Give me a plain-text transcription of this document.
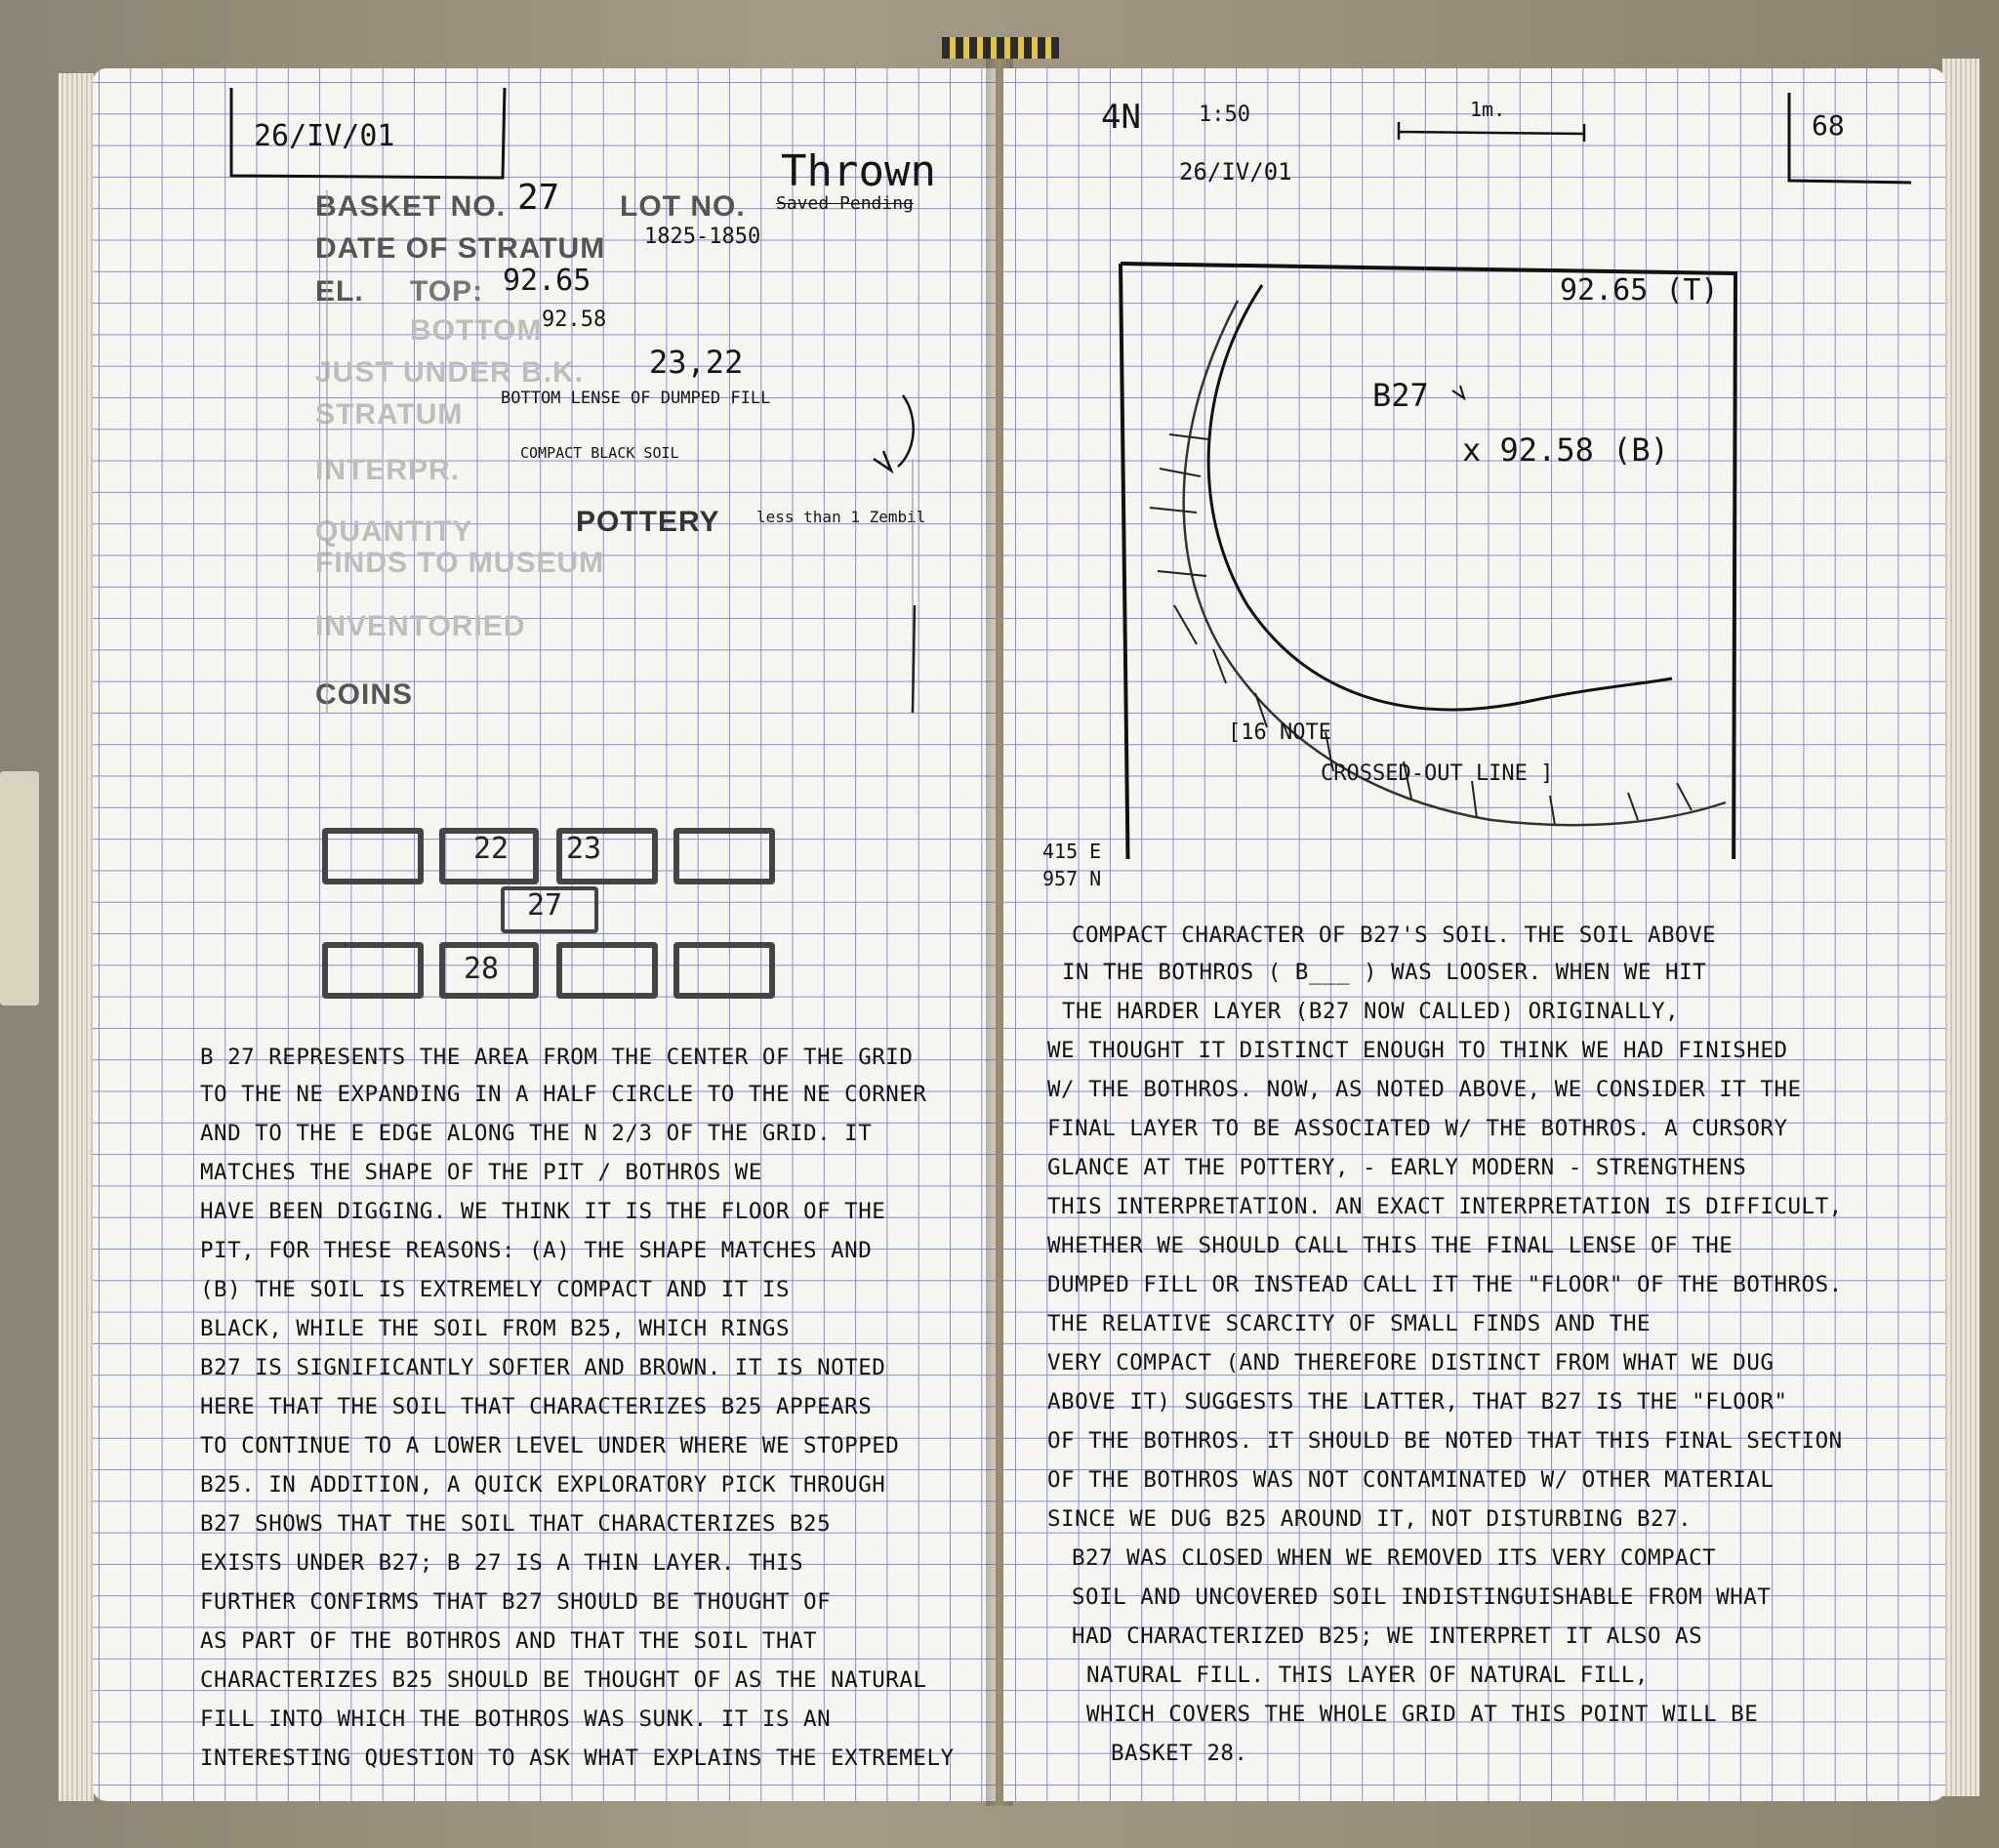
26/IV/01
BASKET NO. 27 LOT NO.
Thrown
Saved Pending
DATE OF STRATUM 1825-1850
EL. TOP: 92.65
BOTTOM 92.58
JUST UNDER B.K. 23,22
STRATUM BOTTOM LENSE OF DUMPED FILL
INTERPR.
COMPACT BLACK SOIL
QUANTITY	POTTERY less than 1 Zembil
FINDS TO MUSEUM
INVENTORIED
COINS
22 23
27
28
B 27 REPRESENTS THE AREA FROM THE CENTER OF THE GRID
TO THE NE EXPANDING IN A HALF CIRCLE TO THE NE CORNER
AND TO THE E EDGE ALONG THE N 2/3 OF THE GRID. IT
MATCHES THE SHAPE OF THE PIT / BOTHROS WE
HAVE BEEN DIGGING. WE THINK IT IS THE FLOOR OF THE
PIT, FOR THESE REASONS: (A) THE SHAPE MATCHES AND
(B) THE SOIL IS EXTREMELY COMPACT AND IT IS
BLACK, WHILE THE SOIL FROM B25, WHICH RINGS
B27 IS SIGNIFICANTLY SOFTER AND BROWN. IT IS NOTED
HERE THAT THE SOIL THAT CHARACTERIZES B25 APPEARS
TO CONTINUE TO A LOWER LEVEL UNDER WHERE WE STOPPED
B25. IN ADDITION, A QUICK EXPLORATORY PICK THROUGH
B27 SHOWS THAT THE SOIL THAT CHARACTERIZES B25
EXISTS UNDER B27; B 27 IS A THIN LAYER. THIS
FURTHER CONFIRMS THAT B27 SHOULD BE THOUGHT OF
AS PART OF THE BOTHROS AND THAT THE SOIL THAT
CHARACTERIZES B25 SHOULD BE THOUGHT OF AS THE NATURAL
FILL INTO WHICH THE BOTHROS WAS SUNK. IT IS AN
INTERESTING QUESTION TO ASK WHAT EXPLAINS THE EXTREMELY
4N	1:50	1m.	68
26/IV/01
92.65 (T)
B27
x 92.58 (B)
[16 NOTE
CROSSED-OUT LINE ]
415 E
957 N
COMPACT CHARACTER OF B27'S SOIL. THE SOIL ABOVE
IN THE BOTHROS ( B___ ) WAS LOOSER. WHEN WE HIT
THE HARDER LAYER (B27 NOW CALLED) ORIGINALLY,
WE THOUGHT IT DISTINCT ENOUGH TO THINK WE HAD FINISHED
W/ THE BOTHROS. NOW, AS NOTED ABOVE, WE CONSIDER IT THE
FINAL LAYER TO BE ASSOCIATED W/ THE BOTHROS. A CURSORY
GLANCE AT THE POTTERY, - EARLY MODERN - STRENGTHENS
THIS INTERPRETATION. AN EXACT INTERPRETATION IS DIFFICULT,
WHETHER WE SHOULD CALL THIS THE FINAL LENSE OF THE
DUMPED FILL OR INSTEAD CALL IT THE "FLOOR" OF THE BOTHROS.
THE RELATIVE SCARCITY OF SMALL FINDS AND THE
VERY COMPACT (AND THEREFORE DISTINCT FROM WHAT WE DUG
ABOVE IT) SUGGESTS THE LATTER, THAT B27 IS THE "FLOOR"
OF THE BOTHROS. IT SHOULD BE NOTED THAT THIS FINAL SECTION
OF THE BOTHROS WAS NOT CONTAMINATED W/ OTHER MATERIAL
SINCE WE DUG B25 AROUND IT, NOT DISTURBING B27.
B27 WAS CLOSED WHEN WE REMOVED ITS VERY COMPACT
SOIL AND UNCOVERED SOIL INDISTINGUISHABLE FROM WHAT
HAD CHARACTERIZED B25; WE INTERPRET IT ALSO AS
NATURAL FILL. THIS LAYER OF NATURAL FILL,
WHICH COVERS THE WHOLE GRID AT THIS POINT WILL BE
BASKET 28.
